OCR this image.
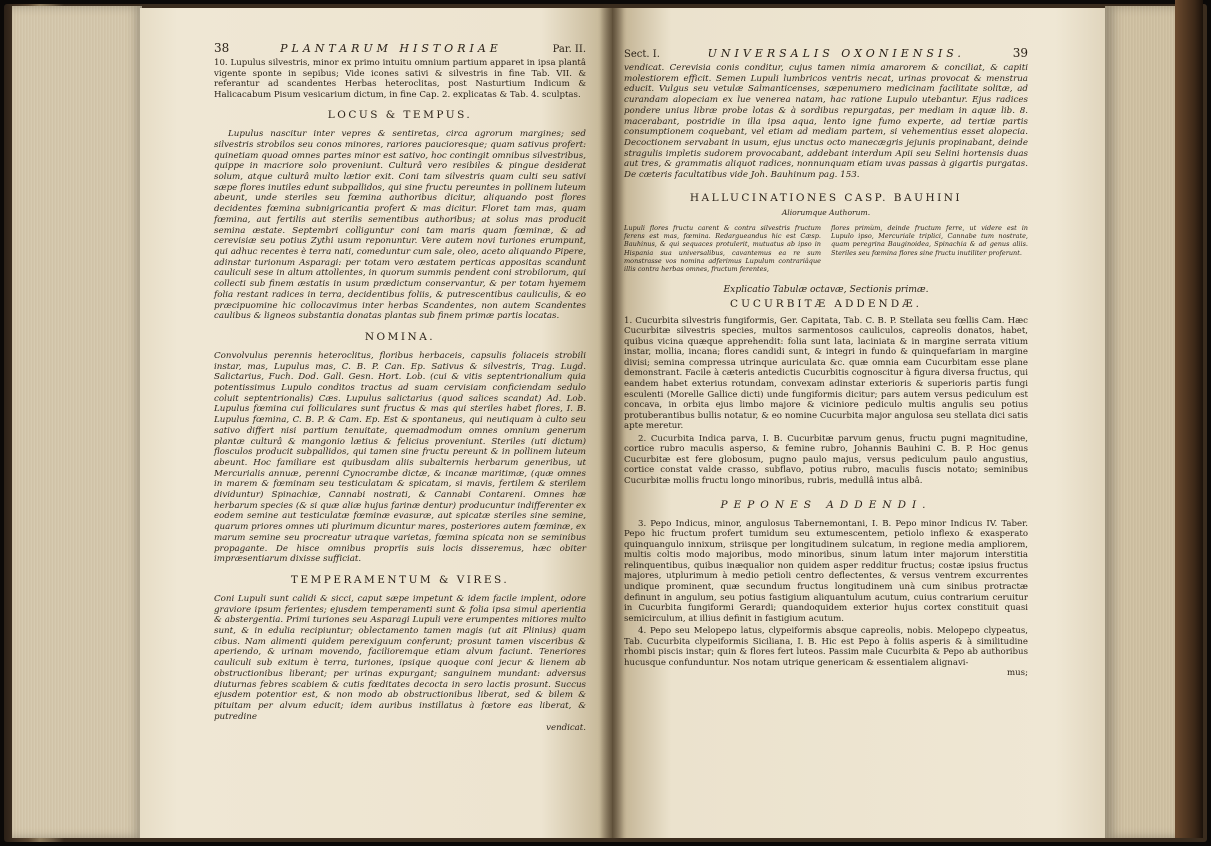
38	PLANTARUM HISTORIAE	Par. II.

10. Lupulus silvestris, minor ex primo intuitu omnium partium apparet in ipsa plantâ vigente sponte in sepibus; Vide icones sativi & silvestris in fine Tab. VII. & referantur ad scandentes Herbas heteroclitas, post Nasturtium Indicum & Halicacabum Pisum vesicarium dictum, in fine Cap. 2. explicatas & Tab. 4. sculptas.

LOCUS & TEMPUS.

Lupulus nascitur inter vepres & sentiretas, circa agrorum margines; sed silvestris strobilos seu conos minores, rariores paucioresque; quam sativus profert: quinetiam quoad omnes partes minor est sativo, hoc contingit omnibus silvestribus, quippe in macriore solo proveniunt. Culturâ vero resibiles & pingue desiderat solum, atque culturâ multo lætior exit. Coni tam silvestris quam culti seu sativi sæpe flores inutiles edunt subpallidos, qui sine fructu pereuntes in pollinem luteum abeunt, unde steriles seu fœmina authoribus dicitur, aliquando post flores decidentes fœmina subnigricantia profert & mas dicitur. Floret tam mas, quam fœmina, aut fertilis aut sterilis sementibus authoribus; at solus mas producit semina æstate. Septembri colliguntur coni tam maris quam fœminæ, & ad cerevisiæ seu potius Zythi usum reponuntur. Vere autem novi turiones erumpunt, qui adhuc recentes è terra nati, comeduntur cum sale, oleo, aceto aliquando Pipere, adinstar turionum Asparagi: per totam vero æstatem perticas appositas scandunt cauliculi sese in altum attollentes, in quorum summis pendent coni strobilorum, qui collecti sub finem æstatis in usum prædictum conservantur, & per totam hyemem folia restant radices in terra, decidentibus foliis, & putrescentibus cauliculis, & eo præcipuomine hic collocavimus inter herbas Scandentes, non autem Scandentes caulibus & ligneos substantia donatas plantas sub finem primæ partis locatas.

NOMINA.

Convolvulus perennis heteroclitus, floribus herbaceis, capsulis foliaceis strobili instar, mas, Lupulus mas, C. B. P. Can. Ep. Sativus & silvestris, Trag. Lugd. Salictarius, Fuch. Dod. Gall. Gesn. Hort. Lob. (cui & vitis septentrionalium quia potentissimus Lupulo conditos tractus ad suam cervisiam conficiendam sedulo coluit septentrionalis) Cæs. Lupulus salictarius (quod salices scandat) Ad. Lob. Lupulus fœmina cui folliculares sunt fructus & mas qui steriles habet flores, I. B. Lupulus fœmina, C. B. P. & Cam. Ep. Est & spontaneus, qui neutiquam à culto seu sativo differt nisi partium tenuitate, quemadmodum omnes omnium generum plantæ culturâ & mangonio lætius & felicius proveniunt. Steriles (uti dictum) flosculos producit subpallidos, qui tamen sine fructu pereunt & in pollinem luteum abeunt. Hoc familiare est quibusdam aliis subalternis herbarum generibus, ut Mercurialis annuæ, perenni Cynocrambe dictæ, & incanæ maritimæ, (quæ omnes in marem & fœminam seu testiculatam & spicatam, si mavis, fertilem & sterilem dividuntur) Spinachiæ, Cannabi nostrati, & Cannabi Contareni. Omnes hæ herbarum species (& si quæ aliæ hujus farinæ dentur) producuntur indifferenter ex eodem semine aut testiculatæ fœminæ evasuræ, aut spicatæ steriles sine semine, quarum priores omnes uti plurimum dicuntur mares, posteriores autem fœminæ, ex marum semine seu procreatur utraque varietas, fœmina spicata non se seminibus propagante. De hisce omnibus propriis suis locis disseremus, hæc obiter impræsentiarum dixisse sufficiat.

TEMPERAMENTUM & VIRES.

Coni Lupuli sunt calidi & sicci, caput sæpe impetunt & idem facile implent, odore graviore ipsum ferientes; ejusdem temperamenti sunt & folia ipsa simul aperientia & abstergentia. Primi turiones seu Asparagi Lupuli vere erumpentes mitiores multo sunt, & in edulia recipiuntur; oblectamento tamen magis (ut ait Plinius) quam cibus. Nam alimenti quidem perexiguum conferunt; prosunt tamen visceribus & aperiendo, & urinam movendo, facilioremque etiam alvum faciunt. Teneriores cauliculi sub exitum è terra, turiones, ipsique quoque coni jecur & lienem ab obstructionibus liberant; per urinas expurgant; sanguinem mundant: adversus diuturnas febres scabiem & cutis fœditates decocta in sero lactis prosunt. Succus ejusdem potentior est, & non modo ab obstructionibus liberat, sed & bilem & pituitam per alvum educit; idem auribus instillatus à fœtore eas liberat, & putredine

vendicat.
Sect. I.	UNIVERSALIS OXONIENSIS.	39

vendicat. Cerevisia conis conditur, cujus tamen nimia amarorem & conciliat, & capiti molestiorem efficit. Semen Lupuli lumbricos ventris necat, urinas provocat & menstrua educit. Vulgus seu vetulæ Salmanticenses, sæpenumero medicinam facilitate solitæ, ad curandam alopeciam ex lue venerea natam, hac ratione Lupulo utebantur. Ejus radices pondere unius libræ probe lotas & à sordibus repurgatas, per mediam in aquæ lib. 8. macerabant, postridie in illa ipsa aqua, lento igne fumo experte, ad tertiæ partis consumptionem coquebant, vel etiam ad mediam partem, si vehementius esset alopecia. Decoctionem servabant in usum, ejus unctus octo manecægris jejunis propinabant, deinde stragulis impletis sudorem provocabant, addebant interdum Apii seu Selini hortensis duas aut tres, & grammatis aliquot radices, nonnunquam etiam uvas passas à gigartis purgatas. De cæteris facultatibus vide Joh. Bauhinum pag. 153.

HALLUCINATIONES CASP. BAUHINI
Aliorumque Authorum.

Lupuli flores fructu carent & contra silvestris fructum ferens est mas, fœmina. Redargueandus hic est Cæsp. Bauhinus, & qui sequaces protulerit, mutuatus ab ipso in Hispania sua universalibus, cavantemus ea re sum monstrasse vos nomina adferimus Lupulum contrariâque illis contra herbas omnes, fructum ferentes,

flores primùm, deinde fructum ferre, ut videre est in Lupulo ipso, Mercuriale triplici, Cannabe tum nostrate, quam peregrina Bauginoidea, Spinachia & ad genus aliis. Steriles seu fœmina flores sine fructu inutiliter proferunt.

Explicatio Tabulæ octavæ, Sectionis primæ.
CUCURBITÆ ADDENDÆ.

1. Cucurbita silvestris fungiformis, Ger. Capitata, Tab. C. B. P. Stellata seu fœllis Cam. Hæc Cucurbitæ silvestris species, multos sarmentosos cauliculos, capreolis donatos, habet, quibus vicina quæque apprehendit: folia sunt lata, laciniata & in margine serrata vitium instar, mollia, incana; flores candidi sunt, & integri in fundo & quinquefariam in margine divisi; semina compressa utrinque auriculata &c. quæ omnia eam Cucurbitam esse plane demonstrant. Facile à cæteris antedictis Cucurbitis cognoscitur à figura diversa fructus, qui eandem habet exterius rotundam, convexam adinstar exterioris & superioris partis fungi esculenti (Morelle Gallice dicti) unde fungiformis dicitur; pars autem versus pediculum est concava, in orbita ejus limbo majore & viciniore pediculo multis angulis seu potius protuberantibus bullis notatur, & eo nomine Cucurbita major angulosa seu stellata dici satis apte meretur.

2. Cucurbita Indica parva, I. B. Cucurbitæ parvum genus, fructu pugni magnitudine, cortice rubro maculis asperso, & femine rubro, Johannis Bauhini C. B. P. Hoc genus Cucurbitæ est fere globosum, pugno paulo majus, versus pediculum paulo angustius, cortice constat valde crasso, subflavo, potius rubro, maculis fuscis notato; seminibus Cucurbitæ mollis fructu longo minoribus, rubris, medullâ intus albâ.

PEPONES ADDENDI.

3. Pepo Indicus, minor, angulosus Tabernemontani, I. B. Pepo minor Indicus IV. Taber. Pepo hic fructum profert tumidum seu extumescentem, petiolo inflexo & exasperato quinquangulo innixum, striisque per longitudinem sulcatum, in regione media ampliorem, multis coltis modo majoribus, modo minoribus, sinum latum inter majorum interstitia relinquentibus, quibus inæqualior non quidem asper redditur fructus; costæ ipsius fructus majores, utplurimum à medio petioli centro deflectentes, & versus ventrem excurrentes undique prominent, quæ secundum fructus longitudinem unà cum sinibus protractæ definunt in angulum, seu potius fastigium aliquantulum acutum, cuius contrarium ceruitur in Cucurbita fungiformi Gerardi; quandoquidem exterior hujus cortex constituit quasi semicirculum, at illius definit in fastigium acutum.

4. Pepo seu Melopepo latus, clypeiformis absque capreolis, nobis. Melopepo clypeatus, Tab. Cucurbita clypeiformis Siciliana, I. B. Hic est Pepo à foliis asperis & à similitudine rhombi piscis instar; quin & flores fert luteos. Passim male Cucurbita & Pepo ab authoribus hucusque confunduntur. Nos notam utrique genericam & essentialem alignavi-

mus;
